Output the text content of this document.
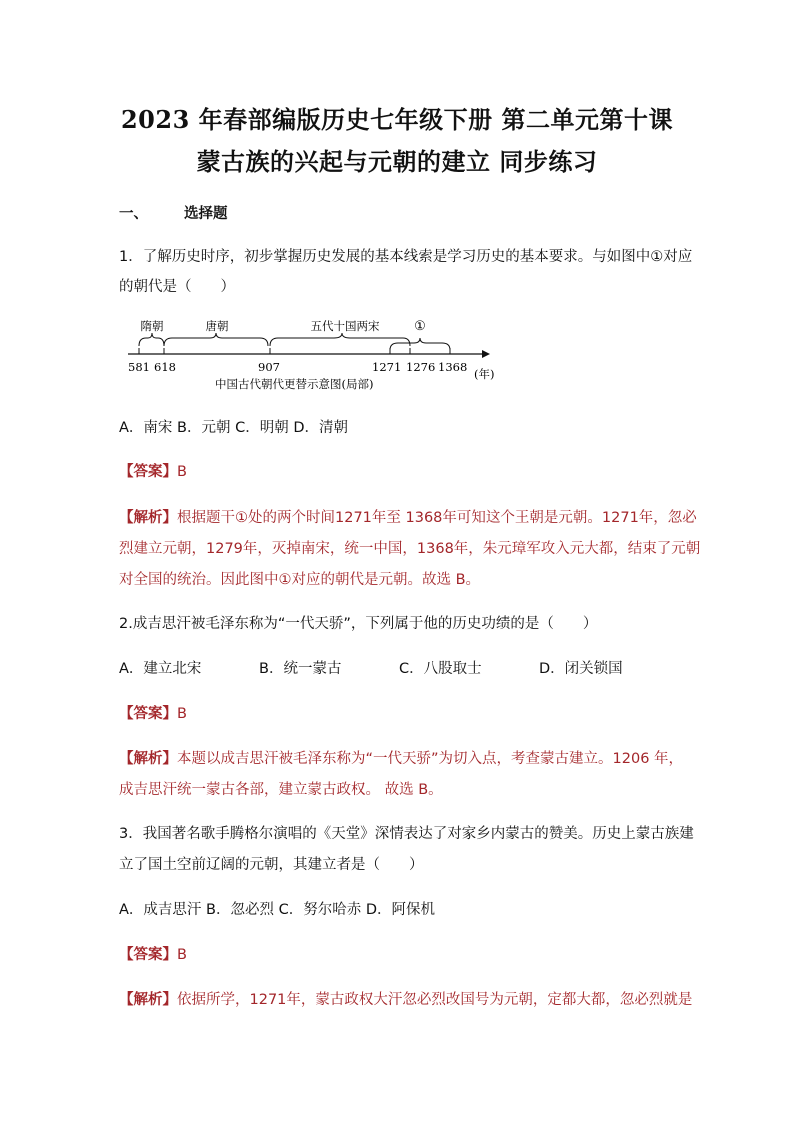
2023 年春部编版历史七年级下册 第二单元第十课
蒙古族的兴起与元朝的建立 同步练习
一、 选择题
1．了解历史时序，初步掌握历史发展的基本线索是学习历史的基本要求。与如图中①对应
的朝代是（　　）
隋朝	唐朝	五代十国两宋	①
581 618	907	1271 1276 1368 (年)
中国古代朝代更替示意图(局部)
A．南宋 B．元朝 C．明朝 D．清朝
【答案】B
【解析】根据题干①处的两个时间1271年至 1368年可知这个王朝是元朝。1271年，忽必
烈建立元朝，1279年，灭掉南宋，统一中国，1368年，朱元璋军攻入元大都，结束了元朝
对全国的统治。因此图中①对应的朝代是元朝。故选 B。
2.成吉思汗被毛泽东称为“一代天骄”，下列属于他的历史功绩的是（　　）
A．建立北宋	B．统一蒙古	C．八股取士	D．闭关锁国
【答案】B
【解析】本题以成吉思汗被毛泽东称为“一代天骄”为切入点，考查蒙古建立。1206 年，
成吉思汗统一蒙古各部，建立蒙古政权。 故选 B。
3．我国著名歌手腾格尔演唱的《天堂》深情表达了对家乡内蒙古的赞美。历史上蒙古族建
立了国土空前辽阔的元朝，其建立者是（　　）
A．成吉思汗 B．忽必烈 C．努尔哈赤 D．阿保机
【答案】B
【解析】依据所学，1271年，蒙古政权大汗忽必烈改国号为元朝，定都大都，忽必烈就是
